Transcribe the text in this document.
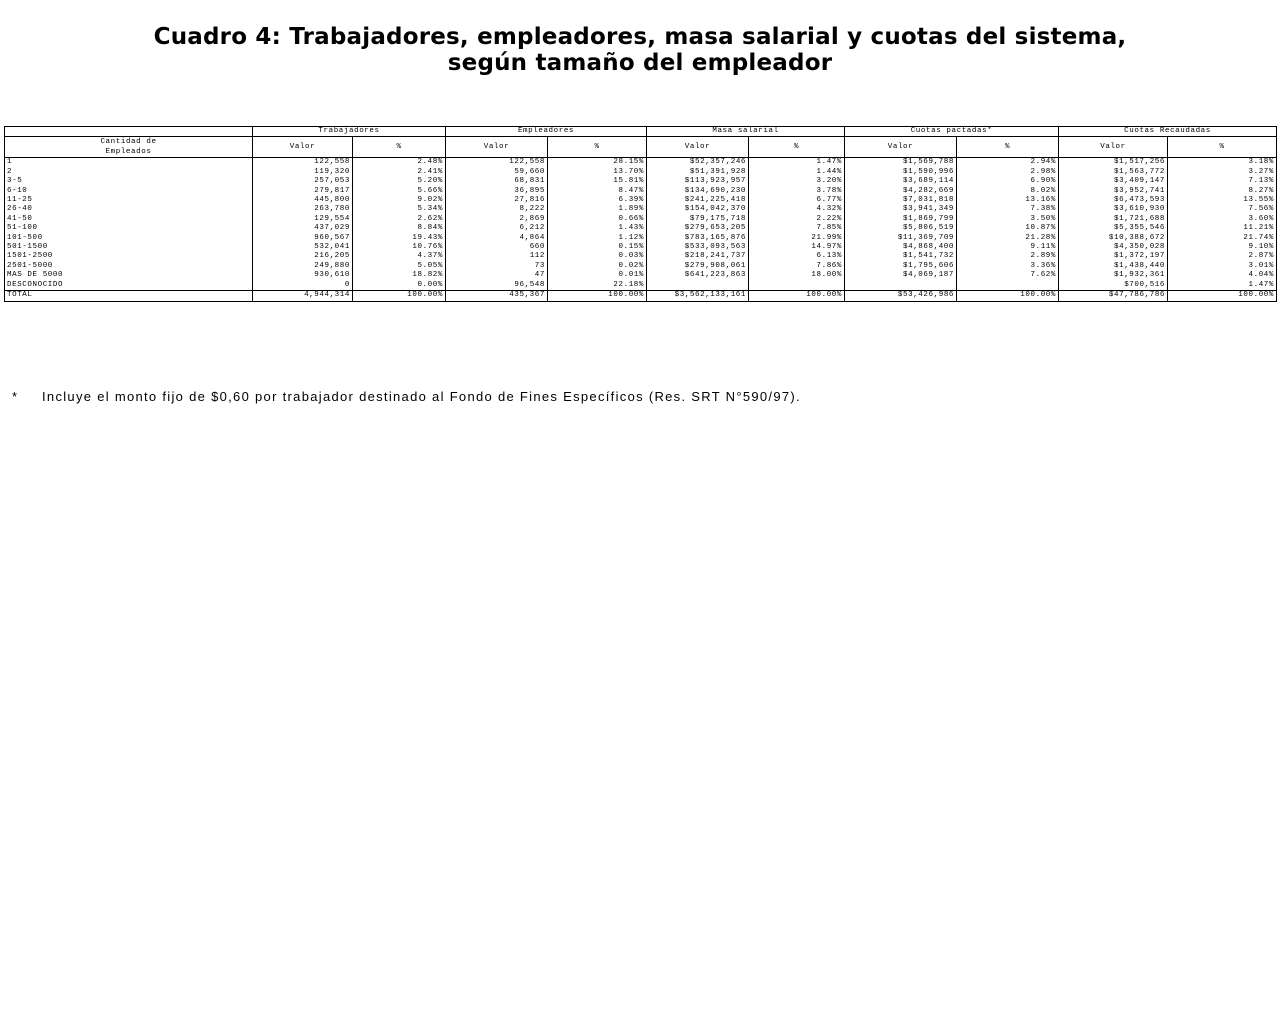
Cuadro 4: Trabajadores, empleadores, masa salarial y cuotas del sistema,
según tamaño del empleador
	Trabajadores		Empleadores		Masa salarial		Cuotas pactadas*		Cuotas Recaudadas	

Cantidad de
Empleados	Valor	%	Valor	%	Valor	%	Valor	%	Valor	%
1	122,558	2.48%	122,558	28.15%	$52,357,246	1.47%	$1,569,788	2.94%	$1,517,256	3.18%
2	119,320	2.41%	59,660	13.70%	$51,391,928	1.44%	$1,590,996	2.98%	$1,563,772	3.27%
3-5	257,053	5.20%	68,831	15.81%	$113,923,957	3.20%	$3,689,114	6.90%	$3,409,147	7.13%
6-10	279,817	5.66%	36,895	8.47%	$134,690,230	3.78%	$4,282,669	8.02%	$3,952,741	8.27%
11-25	445,800	9.02%	27,816	6.39%	$241,225,418	6.77%	$7,031,818	13.16%	$6,473,593	13.55%
26-40	263,780	5.34%	8,222	1.89%	$154,042,370	4.32%	$3,941,349	7.38%	$3,610,930	7.56%
41-50	129,554	2.62%	2,869	0.66%	$79,175,718	2.22%	$1,869,799	3.50%	$1,721,688	3.60%
51-100	437,029	8.84%	6,212	1.43%	$279,653,205	7.85%	$5,806,519	10.87%	$5,355,546	11.21%
101-500	960,567	19.43%	4,864	1.12%	$783,165,876	21.99%	$11,369,709	21.28%	$10,388,672	21.74%
501-1500	532,041	10.76%	660	0.15%	$533,093,563	14.97%	$4,868,400	9.11%	$4,350,028	9.10%
1501-2500	216,205	4.37%	112	0.03%	$218,241,737	6.13%	$1,541,732	2.89%	$1,372,197	2.87%
2501-5000	249,880	5.05%	73	0.02%	$279,908,061	7.86%	$1,795,606	3.36%	$1,438,440	3.01%
MAS DE 5000	930,610	18.82%	47	0.01%	$641,223,863	18.00%	$4,069,187	7.62%	$1,932,361	4.04%
DESCONOCIDO	0	0.00%	96,548	22.18%					$700,516	1.47%
TOTAL	4,944,314	100.00%	435,367	100.00%	$3,562,133,161	100.00%	$53,426,986	100.00%	$47,786,786	100.00%
* Incluye el monto fijo de $0,60 por trabajador destinado al Fondo de Fines Específicos (Res. SRT N°590/97).
